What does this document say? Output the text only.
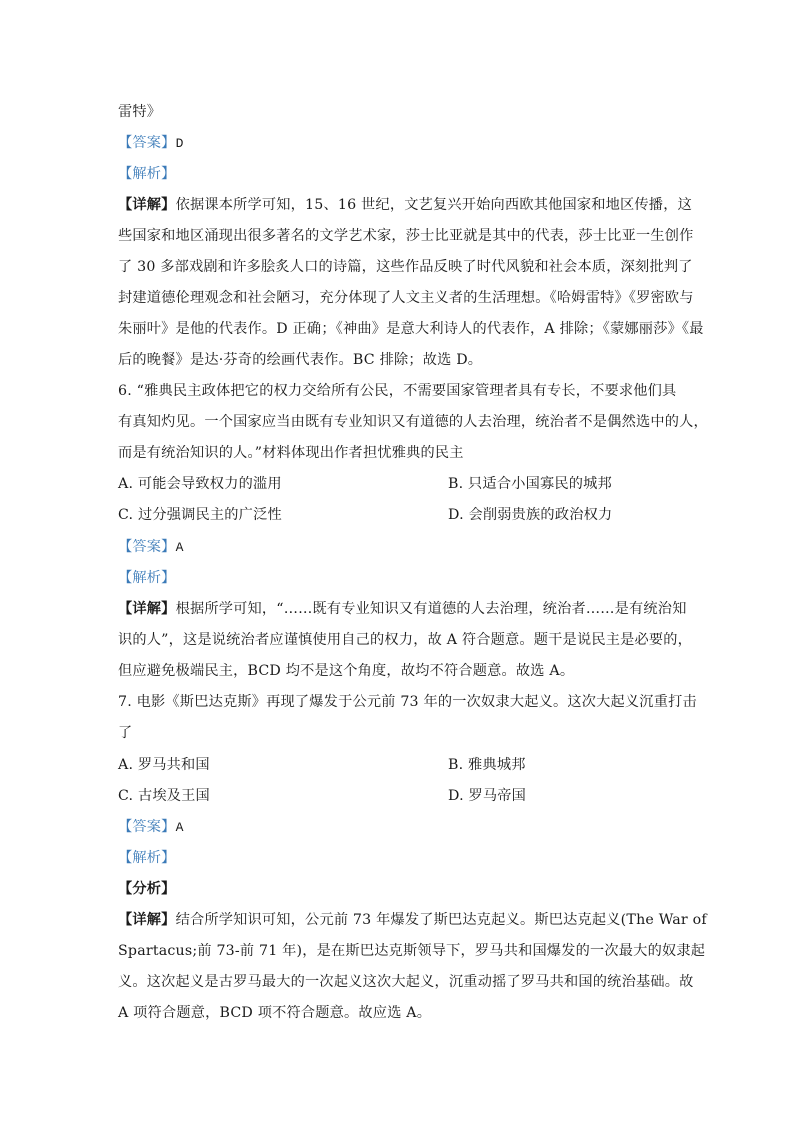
雷特》
【答案】D
【解析】
【详解】依据课本所学可知，15、16 世纪，文艺复兴开始向西欧其他国家和地区传播，这
些国家和地区涌现出很多著名的文学艺术家，莎士比亚就是其中的代表，莎士比亚一生创作
了 30 多部戏剧和许多脍炙人口的诗篇，这些作品反映了时代风貌和社会本质，深刻批判了
封建道德伦理观念和社会陋习，充分体现了人文主义者的生活理想。《哈姆雷特》《罗密欧与
朱丽叶》是他的代表作。D 正确；《神曲》是意大利诗人的代表作，A 排除；《蒙娜丽莎》《最
后的晚餐》是达·芬奇的绘画代表作。BC 排除；故选 D。
6. “雅典民主政体把它的权力交给所有公民，不需要国家管理者具有专长，不要求他们具
有真知灼见。一个国家应当由既有专业知识又有道德的人去治理，统治者不是偶然选中的人，
而是有统治知识的人。”材料体现出作者担忧雅典的民主
A. 可能会导致权力的滥用	B. 只适合小国寡民的城邦
C. 过分强调民主的广泛性	D. 会削弱贵族的政治权力
【答案】A
【解析】
【详解】根据所学可知，“……既有专业知识又有道德的人去治理，统治者……是有统治知
识的人”，这是说统治者应谨慎使用自己的权力，故 A 符合题意。题干是说民主是必要的，
但应避免极端民主，BCD 均不是这个角度，故均不符合题意。故选 A。
7. 电影《斯巴达克斯》再现了爆发于公元前 73 年的一次奴隶大起义。这次大起义沉重打击
了
A. 罗马共和国	B. 雅典城邦
C. 古埃及王国	D. 罗马帝国
【答案】A
【解析】
【分析】
【详解】结合所学知识可知，公元前 73 年爆发了斯巴达克起义。斯巴达克起义(The War of
Spartacus;前 73-前 71 年)，是在斯巴达克斯领导下，罗马共和国爆发的一次最大的奴隶起
义。这次起义是古罗马最大的一次起义这次大起义，沉重动摇了罗马共和国的统治基础。故
A 项符合题意，BCD 项不符合题意。故应选 A。
